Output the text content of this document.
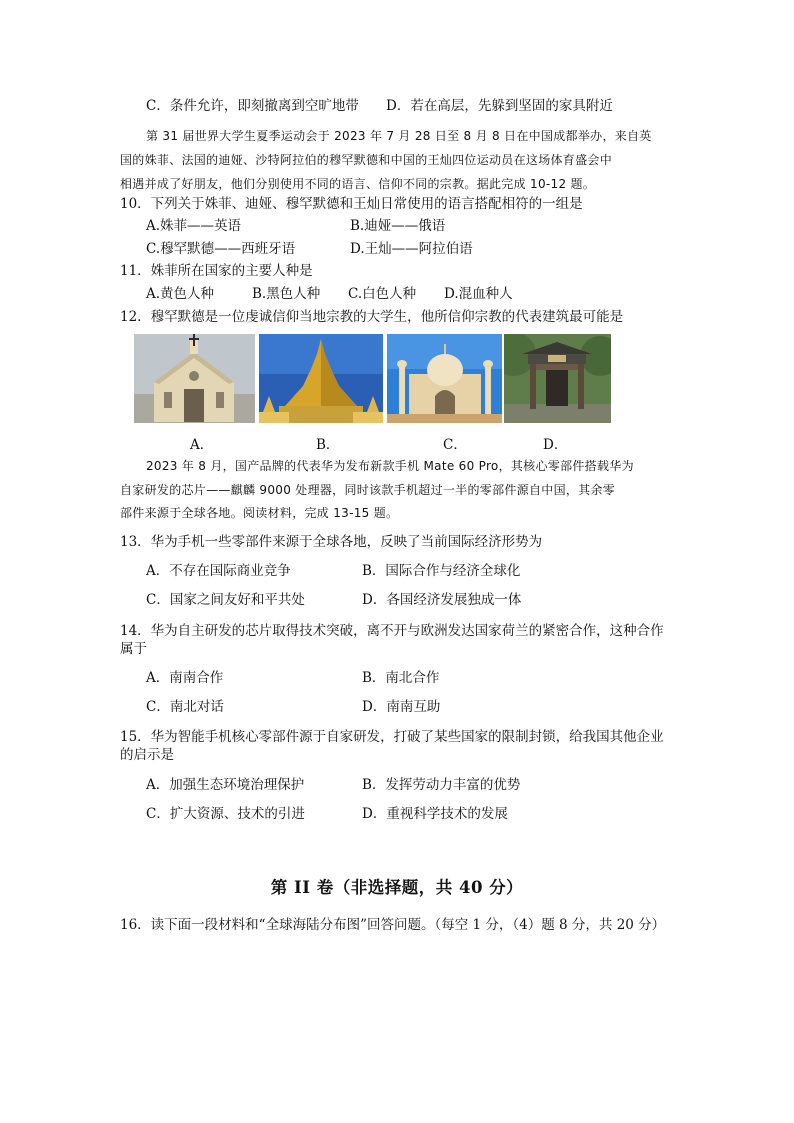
C．条件允许，即刻撤离到空旷地带 D．若在高层，先躲到坚固的家具附近
第 31 届世界大学生夏季运动会于 2023 年 7 月 28 日至 8 月 8 日在中国成都举办，来自英
国的姝菲、法国的迪娅、沙特阿拉伯的穆罕默德和中国的王灿四位运动员在这场体育盛会中
相遇并成了好朋友，他们分别使用不同的语言、信仰不同的宗教。据此完成 10-12 题。
10．下列关于姝菲、迪娅、穆罕默德和王灿日常使用的语言搭配相符的一组是
A.姝菲——英语	B.迪娅——俄语
C.穆罕默德——西班牙语	D.王灿——阿拉伯语
11．姝菲所在国家的主要人种是
A.黄色人种	B.黑色人种 C.白色人种 D.混血种人
12．穆罕默德是一位虔诚信仰当地宗教的大学生，他所信仰宗教的代表建筑最可能是
A．	B．	C．	D．
2023 年 8 月，国产品牌的代表华为发布新款手机 Mate 60 Pro，其核心零部件搭载华为
自家研发的芯片——麒麟 9000 处理器，同时该款手机超过一半的零部件源自中国，其余零
部件来源于全球各地。阅读材料，完成 13-15 题。
13．华为手机一些零部件来源于全球各地，反映了当前国际经济形势为
A．不存在国际商业竞争	B．国际合作与经济全球化
C．国家之间友好和平共处	D．各国经济发展独成一体
14．华为自主研发的芯片取得技术突破，离不开与欧洲发达国家荷兰的紧密合作，这种合作
属于
A．南南合作	B．南北合作
C．南北对话	D．南南互助
15．华为智能手机核心零部件源于自家研发，打破了某些国家的限制封锁，给我国其他企业
的启示是
A．加强生态环境治理保护	B．发挥劳动力丰富的优势
C．扩大资源、技术的引进	D．重视科学技术的发展
第 II 卷（非选择题，共 40 分）
16．读下面一段材料和“全球海陆分布图”回答问题。（每空 1 分，（4）题 8 分，共 20 分）
